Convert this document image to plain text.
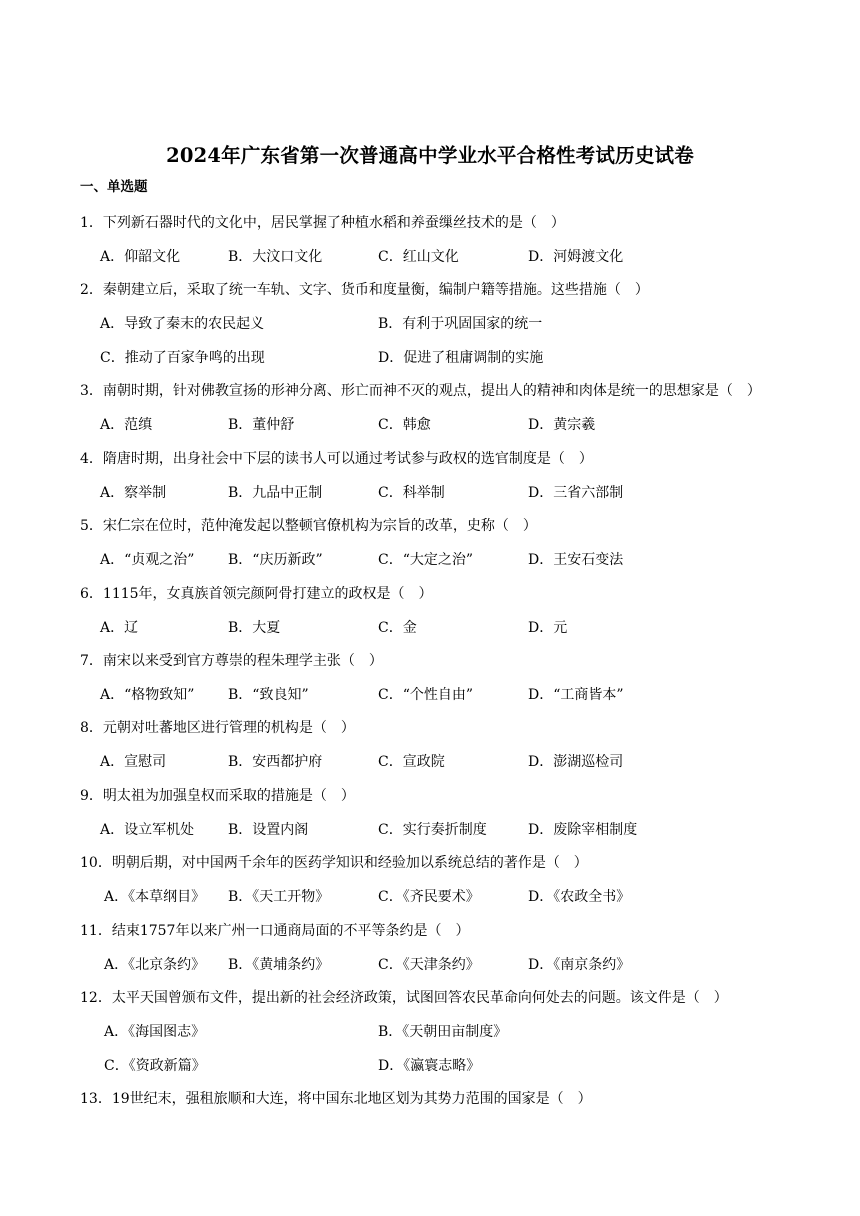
2024年广东省第一次普通高中学业水平合格性考试历史试卷
一、单选题
1．下列新石器时代的文化中，居民掌握了种植水稻和养蚕缫丝技术的是（　）
A．仰韶文化	B．大汶口文化	C．红山文化	D．河姆渡文化
2．秦朝建立后，采取了统一车轨、文字、货币和度量衡，编制户籍等措施。这些措施（　）
A．导致了秦末的农民起义	B．有利于巩固国家的统一
C．推动了百家争鸣的出现	D．促进了租庸调制的实施
3．南朝时期，针对佛教宣扬的形神分离、形亡而神不灭的观点，提出人的精神和肉体是统一的思想家是（　）
A．范缜	B．董仲舒	C．韩愈	D．黄宗羲
4．隋唐时期，出身社会中下层的读书人可以通过考试参与政权的选官制度是（　）
A．察举制	B．九品中正制	C．科举制	D．三省六部制
5．宋仁宗在位时，范仲淹发起以整顿官僚机构为宗旨的改革，史称（　）
A．“贞观之治” B．“庆历新政”	C．“大定之治”	D．王安石变法
6．1115年，女真族首领完颜阿骨打建立的政权是（　）
A．辽	B．大夏	C．金	D．元
7．南宋以来受到官方尊崇的程朱理学主张（　）
A．“格物致知” B．“致良知”	C．“个性自由”	D．“工商皆本”
8．元朝对吐蕃地区进行管理的机构是（　）
A．宣慰司	B．安西都护府	C．宣政院	D．澎湖巡检司
9．明太祖为加强皇权而采取的措施是（　）
A．设立军机处 B．设置内阁	C．实行奏折制度	D．废除宰相制度
10．明朝后期，对中国两千余年的医药学知识和经验加以系统总结的著作是（　）
A．《本草纲目》 B．《天工开物》	C．《齐民要术》	D．《农政全书》
11．结束1757年以来广州一口通商局面的不平等条约是（　）
A．《北京条约》 B．《黄埔条约》	C．《天津条约》	D．《南京条约》
12．太平天国曾颁布文件，提出新的社会经济政策，试图回答农民革命向何处去的问题。该文件是（　）
A．《海国图志》	B．《天朝田亩制度》
C．《资政新篇》	D．《瀛寰志略》
13．19世纪末，强租旅顺和大连，将中国东北地区划为其势力范围的国家是（　）
